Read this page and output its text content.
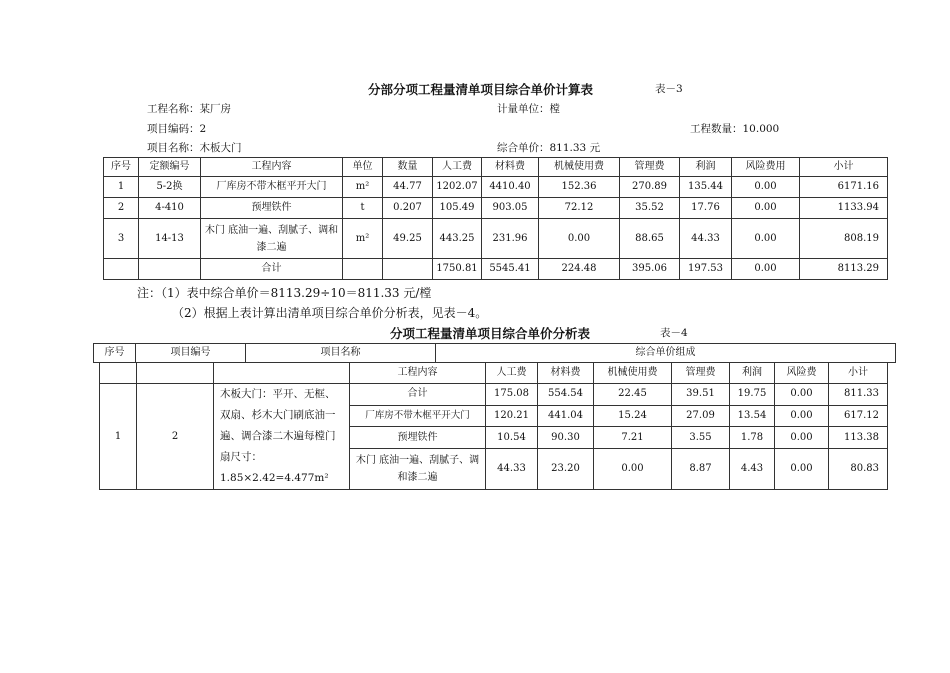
分部分项工程量清单项目综合单价计算表	表－3
工程名称：某厂房	计量单位：樘
项目编码：2	工程数量：10.000
项目名称：木板大门	综合单价：811.33 元
序号	定额编号	工程内容	单位	数量	人工费	材料费	机械使用费	管理费	利润	风险费用	小计
1	5-2换	厂库房不带木框平开大门	m²	44.77	1202.07	4410.40	152.36	270.89	135.44	0.00	6171.16
2	4-410	预埋铁件	t	0.207	105.49	903.05	72.12	35.52	17.76	0.00	1133.94
3	14-13	木门 底油一遍、刮腻子、调和漆二遍	m²	49.25	443.25	231.96	0.00	88.65	44.33	0.00	808.19
		合计			1750.81	5545.41	224.48	395.06	197.53	0.00	8113.29
注：（1）表中综合单价＝8113.29÷10＝811.33 元/樘
（2）根据上表计算出清单项目综合单价分析表，见表－4。
分项工程量清单项目综合单价分析表	表－4
序号	项目编号	项目名称	综合单价组成
			工程内容	人工费	材料费	机械使用费	管理费	利润	风险费	小计
1	2	木板大门：平开、无框、双扇、杉木大门刷底油一遍、调合漆二木遍每樘门扇尺寸：1.85×2.42=4.477m²	合计	175.08	554.54	22.45	39.51	19.75	0.00	811.33
			厂库房不带木框平开大门	120.21	441.04	15.24	27.09	13.54	0.00	617.12
			预埋铁件	10.54	90.30	7.21	3.55	1.78	0.00	113.38
			木门 底油一遍、刮腻子、调和漆二遍	44.33	23.20	0.00	8.87	4.43	0.00	80.83
